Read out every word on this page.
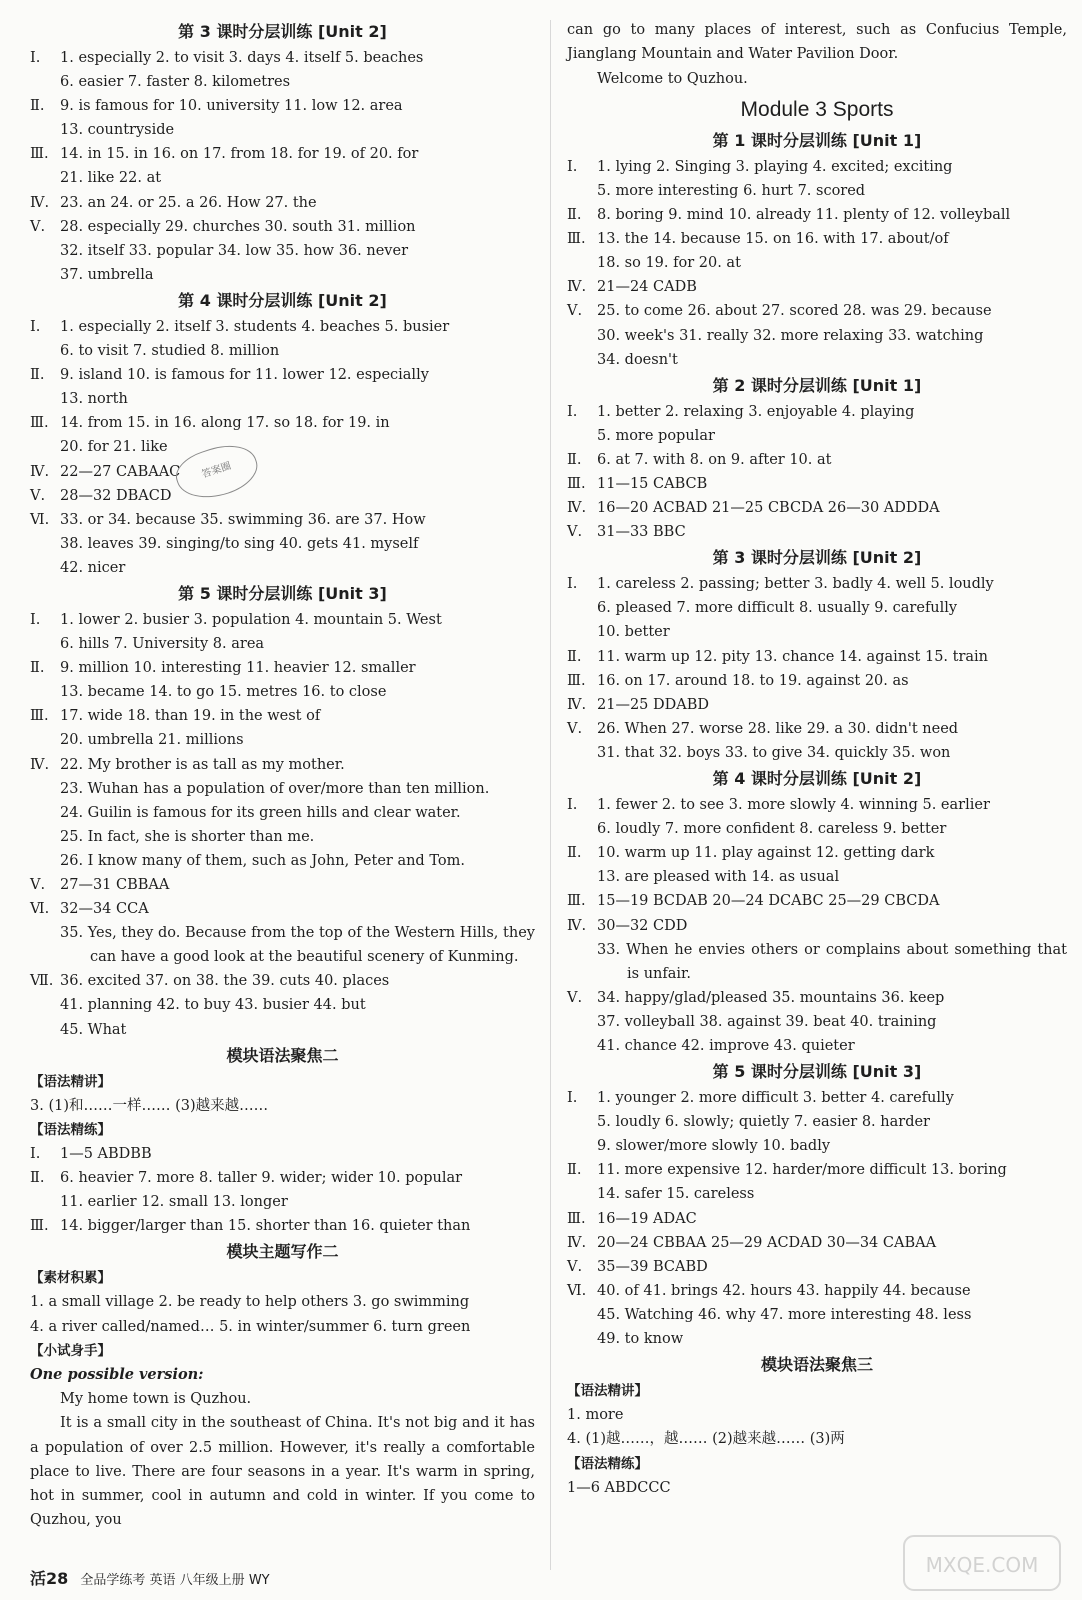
第 3 课时分层训练 [Unit 2]
Ⅰ. 1. especially 2. to visit 3. days 4. itself 5. beaches
6. easier 7. faster 8. kilometres
Ⅱ. 9. is famous for 10. university 11. low 12. area
13. countryside
Ⅲ. 14. in 15. in 16. on 17. from 18. for 19. of 20. for
21. like 22. at
Ⅳ. 23. an 24. or 25. a 26. How 27. the
Ⅴ. 28. especially 29. churches 30. south 31. million
32. itself 33. popular 34. low 35. how 36. never
37. umbrella
第 4 课时分层训练 [Unit 2]
Ⅰ. 1. especially 2. itself 3. students 4. beaches 5. busier
6. to visit 7. studied 8. million
Ⅱ. 9. island 10. is famous for 11. lower 12. especially
13. north
Ⅲ. 14. from 15. in 16. along 17. so 18. for 19. in
20. for 21. like
Ⅳ. 22—27 CABAAC
Ⅴ. 28—32 DBACD
Ⅵ. 33. or 34. because 35. swimming 36. are 37. How
38. leaves 39. singing/to sing 40. gets 41. myself
42. nicer
第 5 课时分层训练 [Unit 3]
Ⅰ. 1. lower 2. busier 3. population 4. mountain 5. West
6. hills 7. University 8. area
Ⅱ. 9. million 10. interesting 11. heavier 12. smaller
13. became 14. to go 15. metres 16. to close
Ⅲ. 17. wide 18. than 19. in the west of
20. umbrella 21. millions
Ⅳ. 22. My brother is as tall as my mother.
23. Wuhan has a population of over/more than ten million.
24. Guilin is famous for its green hills and clear water.
25. In fact, she is shorter than me.
26. I know many of them, such as John, Peter and Tom.
Ⅴ. 27—31 CBBAA
Ⅵ. 32—34 CCA
35. Yes, they do. Because from the top of the Western Hills, they can have a good look at the beautiful scenery of Kunming.
Ⅶ. 36. excited 37. on 38. the 39. cuts 40. places
41. planning 42. to buy 43. busier 44. but
45. What
模块语法聚焦二
【语法精讲】
3. (1)和……一样…… (3)越来越……
【语法精练】
Ⅰ. 1—5 ABDBB
Ⅱ. 6. heavier 7. more 8. taller 9. wider; wider 10. popular
11. earlier 12. small 13. longer
Ⅲ. 14. bigger/larger than 15. shorter than 16. quieter than
模块主题写作二
【素材积累】
1. a small village 2. be ready to help others 3. go swimming
4. a river called/named… 5. in winter/summer 6. turn green
【小试身手】
One possible version:
My home town is Quzhou.
It is a small city in the southeast of China. It's not big and it has a population of over 2.5 million. However, it's really a comfortable place to live. There are four seasons in a year. It's warm in spring, hot in summer, cool in autumn and cold in winter. If you come to Quzhou, you
can go to many places of interest, such as Confucius Temple, Jianglang Mountain and Water Pavilion Door.
Welcome to Quzhou.
Module 3 Sports
第 1 课时分层训练 [Unit 1]
Ⅰ. 1. lying 2. Singing 3. playing 4. excited; exciting
5. more interesting 6. hurt 7. scored
Ⅱ. 8. boring 9. mind 10. already 11. plenty of 12. volleyball
Ⅲ. 13. the 14. because 15. on 16. with 17. about/of
18. so 19. for 20. at
Ⅳ. 21—24 CADB
Ⅴ. 25. to come 26. about 27. scored 28. was 29. because
30. week's 31. really 32. more relaxing 33. watching
34. doesn't
第 2 课时分层训练 [Unit 1]
Ⅰ. 1. better 2. relaxing 3. enjoyable 4. playing
5. more popular
Ⅱ. 6. at 7. with 8. on 9. after 10. at
Ⅲ. 11—15 CABCB
Ⅳ. 16—20 ACBAD 21—25 CBCDA 26—30 ADDDA
Ⅴ. 31—33 BBC
第 3 课时分层训练 [Unit 2]
Ⅰ. 1. careless 2. passing; better 3. badly 4. well 5. loudly
6. pleased 7. more difficult 8. usually 9. carefully
10. better
Ⅱ. 11. warm up 12. pity 13. chance 14. against 15. train
Ⅲ. 16. on 17. around 18. to 19. against 20. as
Ⅳ. 21—25 DDABD
Ⅴ. 26. When 27. worse 28. like 29. a 30. didn't need
31. that 32. boys 33. to give 34. quickly 35. won
第 4 课时分层训练 [Unit 2]
Ⅰ. 1. fewer 2. to see 3. more slowly 4. winning 5. earlier
6. loudly 7. more confident 8. careless 9. better
Ⅱ. 10. warm up 11. play against 12. getting dark
13. are pleased with 14. as usual
Ⅲ. 15—19 BCDAB 20—24 DCABC 25—29 CBCDA
Ⅳ. 30—32 CDD
33. When he envies others or complains about something that is unfair.
Ⅴ. 34. happy/glad/pleased 35. mountains 36. keep
37. volleyball 38. against 39. beat 40. training
41. chance 42. improve 43. quieter
第 5 课时分层训练 [Unit 3]
Ⅰ. 1. younger 2. more difficult 3. better 4. carefully
5. loudly 6. slowly; quietly 7. easier 8. harder
9. slower/more slowly 10. badly
Ⅱ. 11. more expensive 12. harder/more difficult 13. boring
14. safer 15. careless
Ⅲ. 16—19 ADAC
Ⅳ. 20—24 CBBAA 25—29 ACDAD 30—34 CABAA
Ⅴ. 35—39 BCABD
Ⅵ. 40. of 41. brings 42. hours 43. happily 44. because
45. Watching 46. why 47. more interesting 48. less
49. to know
模块语法聚焦三
【语法精讲】
1. more
4. (1)越……，越…… (2)越来越…… (3)两
【语法精练】
1—6 ABDCCC
答案圈
MXQE.COM
活28 全品学练考 英语 八年级上册 WY
